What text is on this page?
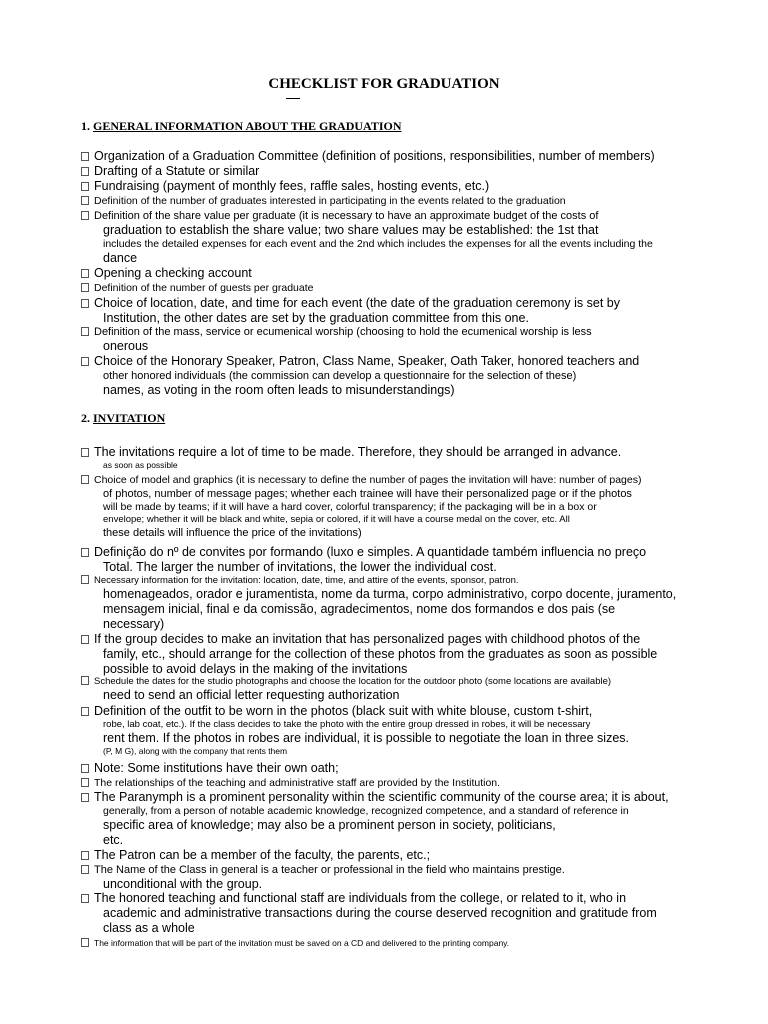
CHECKLIST FOR GRADUATION
1. GENERAL INFORMATION ABOUT THE GRADUATION
Organization of a Graduation Committee (definition of positions, responsibilities, number of members)
Drafting of a Statute or similar
Fundraising (payment of monthly fees, raffle sales, hosting events, etc.)
Definition of the number of graduates interested in participating in the events related to the graduation
Definition of the share value per graduate (it is necessary to have an approximate budget of the costs of
graduation to establish the share value; two share values may be established: the 1st that
includes the detailed expenses for each event and the 2nd which includes the expenses for all the events including the
dance
Opening a checking account
Definition of the number of guests per graduate
Choice of location, date, and time for each event (the date of the graduation ceremony is set by
Institution, the other dates are set by the graduation committee from this one.
Definition of the mass, service or ecumenical worship (choosing to hold the ecumenical worship is less
onerous
Choice of the Honorary Speaker, Patron, Class Name, Speaker, Oath Taker, honored teachers and
other honored individuals (the commission can develop a questionnaire for the selection of these)
names, as voting in the room often leads to misunderstandings)
2. INVITATION
The invitations require a lot of time to be made. Therefore, they should be arranged in advance.
as soon as possible
Choice of model and graphics (it is necessary to define the number of pages the invitation will have: number of pages)
of photos, number of message pages; whether each trainee will have their personalized page or if the photos
will be made by teams; if it will have a hard cover, colorful transparency; if the packaging will be in a box or
envelope; whether it will be black and white, sepia or colored, if it will have a course medal on the cover, etc. All
these details will influence the price of the invitations)
Definição do nº de convites por formando (luxo e simples. A quantidade também influencia no preço
Total. The larger the number of invitations, the lower the individual cost.
Necessary information for the invitation: location, date, time, and attire of the events, sponsor, patron.
homenageados, orador e juramentista, nome da turma, corpo administrativo, corpo docente, juramento,
mensagem inicial, final e da comissão, agradecimentos, nome dos formandos e dos pais (se
necessary)
If the group decides to make an invitation that has personalized pages with childhood photos of the
family, etc., should arrange for the collection of these photos from the graduates as soon as possible
possible to avoid delays in the making of the invitations
Schedule the dates for the studio photographs and choose the location for the outdoor photo (some locations are available)
need to send an official letter requesting authorization
Definition of the outfit to be worn in the photos (black suit with white blouse, custom t-shirt,
robe, lab coat, etc.). If the class decides to take the photo with the entire group dressed in robes, it will be necessary
rent them. If the photos in robes are individual, it is possible to negotiate the loan in three sizes.
(P, M G), along with the company that rents them
Note: Some institutions have their own oath;
The relationships of the teaching and administrative staff are provided by the Institution.
The Paranymph is a prominent personality within the scientific community of the course area; it is about,
generally, from a person of notable academic knowledge, recognized competence, and a standard of reference in
specific area of knowledge; may also be a prominent person in society, politicians,
etc.
The Patron can be a member of the faculty, the parents, etc.;
The Name of the Class in general is a teacher or professional in the field who maintains prestige.
unconditional with the group.
The honored teaching and functional staff are individuals from the college, or related to it, who in
academic and administrative transactions during the course deserved recognition and gratitude from
class as a whole
The information that will be part of the invitation must be saved on a CD and delivered to the printing company.
